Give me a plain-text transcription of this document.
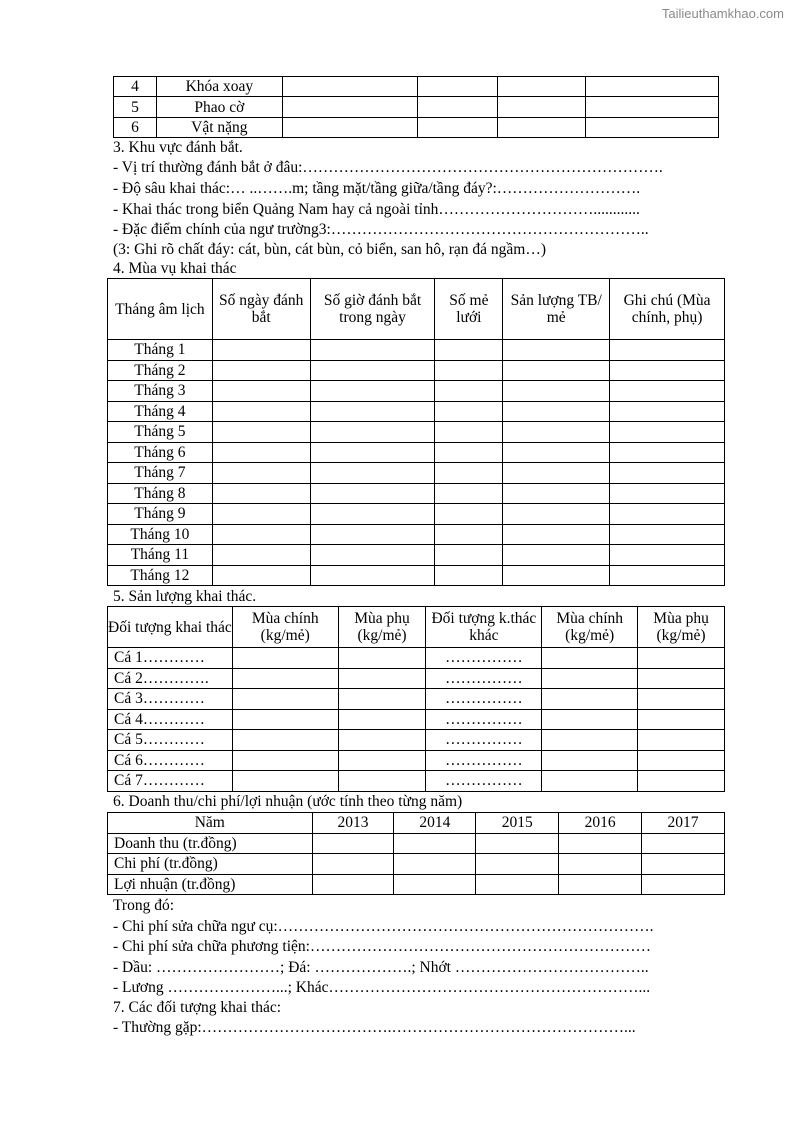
Tailieuthamkhao.com
4	Khóa xoay				
5	Phao cờ				
6	Vật nặng				
3. Khu vực đánh bắt.
- Vị trí thường đánh bắt ở đâu:…………………………………………………………….
- Độ sâu khai thác:… ..…….m; tầng mặt/tầng giữa/tầng đáy?:……………………….
- Khai thác trong biển Quảng Nam hay cả ngoài tỉnh…………………………............
- Đặc điểm chính của ngư trường3:……………………………………………………..
(3: Ghi rõ chất đáy: cát, bùn, cát bùn, cỏ biển, san hô, rạn đá ngầm…)
4. Mùa vụ khai thác
Tháng âm lịch	Số ngày đánh bắt	Số giờ đánh bắt trong ngày	Số mẻ lưới	Sản lượng TB/ mẻ	Ghi chú (Mùa chính, phụ)
Tháng 1					
Tháng 2					
Tháng 3					
Tháng 4					
Tháng 5					
Tháng 6					
Tháng 7					
Tháng 8					
Tháng 9					
Tháng 10					
Tháng 11					
Tháng 12					
5. Sản lượng khai thác.
Đối tượng khai thác	Mùa chính (kg/mẻ)	Mùa phụ (kg/mẻ)	Đối tượng k.thác khác	Mùa chính (kg/mẻ)	Mùa phụ (kg/mẻ)
Cá 1…………			……………		
Cá 2………….			……………		
Cá 3…………			……………		
Cá 4…………			……………		
Cá 5…………			……………		
Cá 6…………			……………		
Cá 7…………			……………		
6. Doanh thu/chi phí/lợi nhuận (ước tính theo từng năm)
Năm	2013	2014	2015	2016	2017
Doanh thu (tr.đồng)					
Chi phí (tr.đồng)					
Lợi nhuận (tr.đồng)					
Trong đó:
- Chi phí sửa chữa ngư cụ:……………………………………………………………….
- Chi phí sửa chữa phương tiện:…………………………………………………………
- Dầu: ……………………; Đá: ……………….; Nhớt ………………………………..
- Lương …………………...; Khác……………………………………………………...
7. Các đối tượng khai thác:
- Thường gặp:……………………………….………………………………………...
